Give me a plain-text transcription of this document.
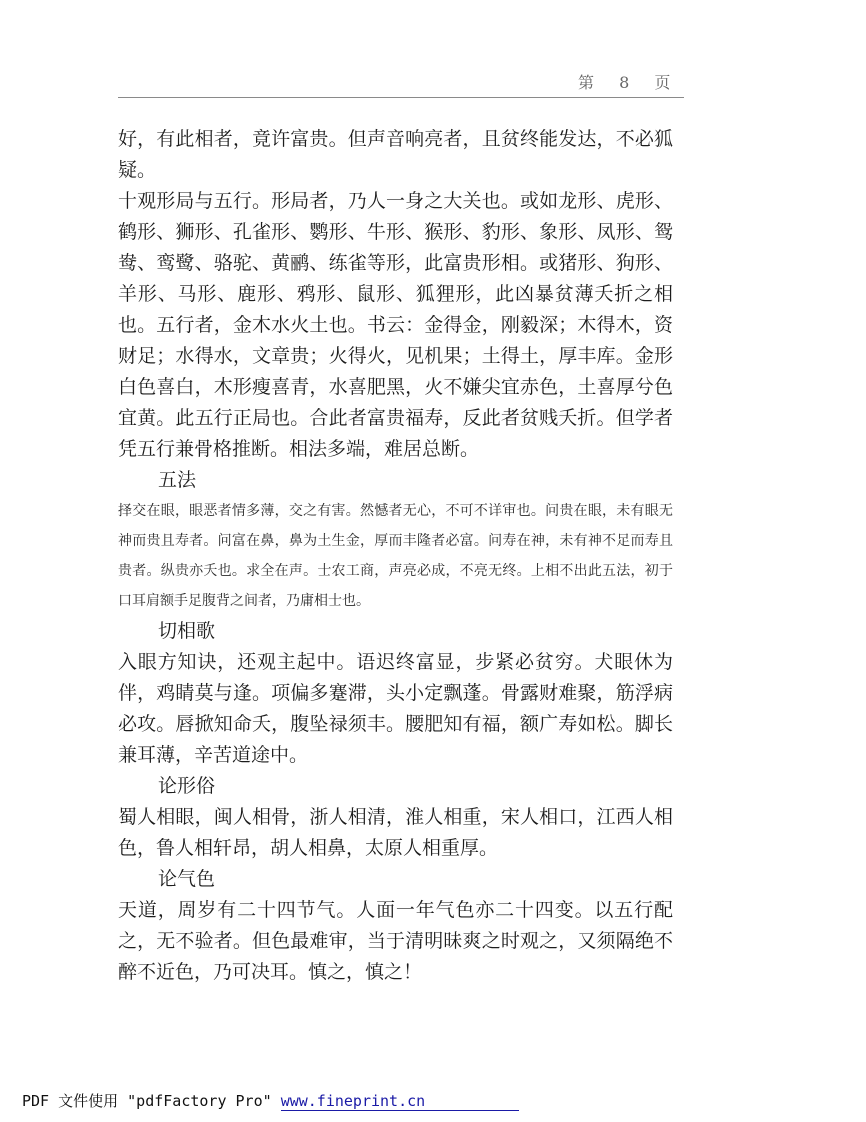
第 8 页

好，有此相者，竟许富贵。但声音响亮者，且贫终能发达，不必狐疑。

十观形局与五行。形局者，乃人一身之大关也。或如龙形、虎形、鹤形、狮形、孔雀形、鹦形、牛形、猴形、豹形、象形、凤形、鸳鸯、鸾鹭、骆驼、黄鹂、练雀等形，此富贵形相。或猪形、狗形、羊形、马形、鹿形、鸦形、鼠形、狐狸形，此凶暴贫薄夭折之相也。五行者，金木水火土也。书云：金得金，刚毅深；木得木，资财足；水得水，文章贵；火得火，见机果；土得土，厚丰库。金形白色喜白，木形瘦喜青，水喜肥黑，火不嫌尖宜赤色，土喜厚兮色宜黄。此五行正局也。合此者富贵福寿，反此者贫贱夭折。但学者凭五行兼骨格推断。相法多端，难居总断。

五法

择交在眼，眼恶者情多薄，交之有害。然憾者无心，不可不详审也。问贵在眼，未有眼无神而贵且寿者。问富在鼻，鼻为土生金，厚而丰隆者必富。问寿在神，未有神不足而寿且贵者。纵贵亦夭也。求全在声。士农工商，声亮必成，不亮无终。上相不出此五法，初于口耳肩额手足腹背之间者，乃庸相士也。

切相歌

入眼方知诀，还观主起中。语迟终富显，步紧必贫穷。犬眼休为伴，鸡睛莫与逢。项偏多蹇滞，头小定飘蓬。骨露财难聚，筋浮病必攻。唇掀知命夭，腹坠禄须丰。腰肥知有福，额广寿如松。脚长兼耳薄，辛苦道途中。

论形俗

蜀人相眼，闽人相骨，浙人相清，淮人相重，宋人相口，江西人相色，鲁人相轩昂，胡人相鼻，太原人相重厚。

论气色

天道，周岁有二十四节气。人面一年气色亦二十四变。以五行配之，无不验者。但色最难审，当于清明昧爽之时观之，又须隔绝不醉不近色，乃可决耳。慎之，慎之！

PDF 文件使用 "pdfFactory Pro" www.fineprint.cn
